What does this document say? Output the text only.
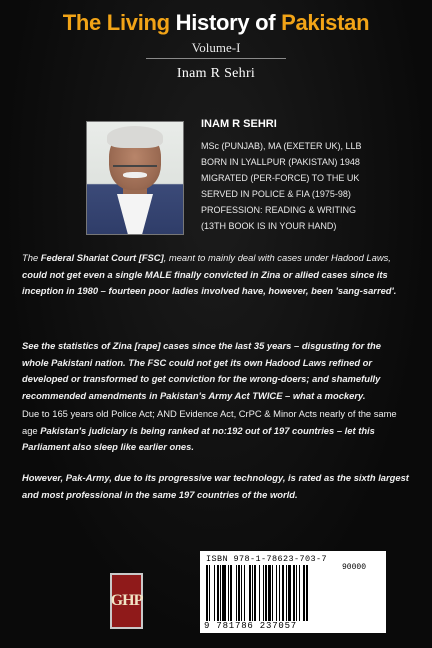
The Living History of Pakistan
Volume-I
Inam R Sehri
INAM R SEHRI
MSc (PUNJAB), MA (EXETER UK), LLB
BORN IN LYALLPUR (PAKISTAN) 1948
MIGRATED (PER-FORCE) TO THE UK
SERVED IN POLICE & FIA (1975-98)
PROFESSION: READING & WRITING
(13TH BOOK IS IN YOUR HAND)
The Federal Shariat Court [FSC], meant to mainly deal with cases under Hadood Laws, could not get even a single MALE finally convicted in Zina or allied cases since its inception in 1980 – fourteen poor ladies involved have, however, been 'sang-sarred'.
See the statistics of Zina [rape] cases since the last 35 years – disgusting for the whole Pakistani nation. The FSC could not get its own Hadood Laws refined or developed or transformed to get conviction for the wrong-doers; and shamefully recommended amendments in Pakistan's Army Act TWICE – what a mockery.
Due to 165 years old Police Act; AND Evidence Act, CrPC & Minor Acts nearly of the same age Pakistan's judiciary is being ranked at no:192 out of 197 countries – let this Parliament also sleep like earlier ones.
However, Pak-Army, due to its progressive war technology, is rated as the sixth largest and most professional in the same 197 countries of the world.
GHP
ISBN 978-1-78623-703-7
90000
9 781786 237057
